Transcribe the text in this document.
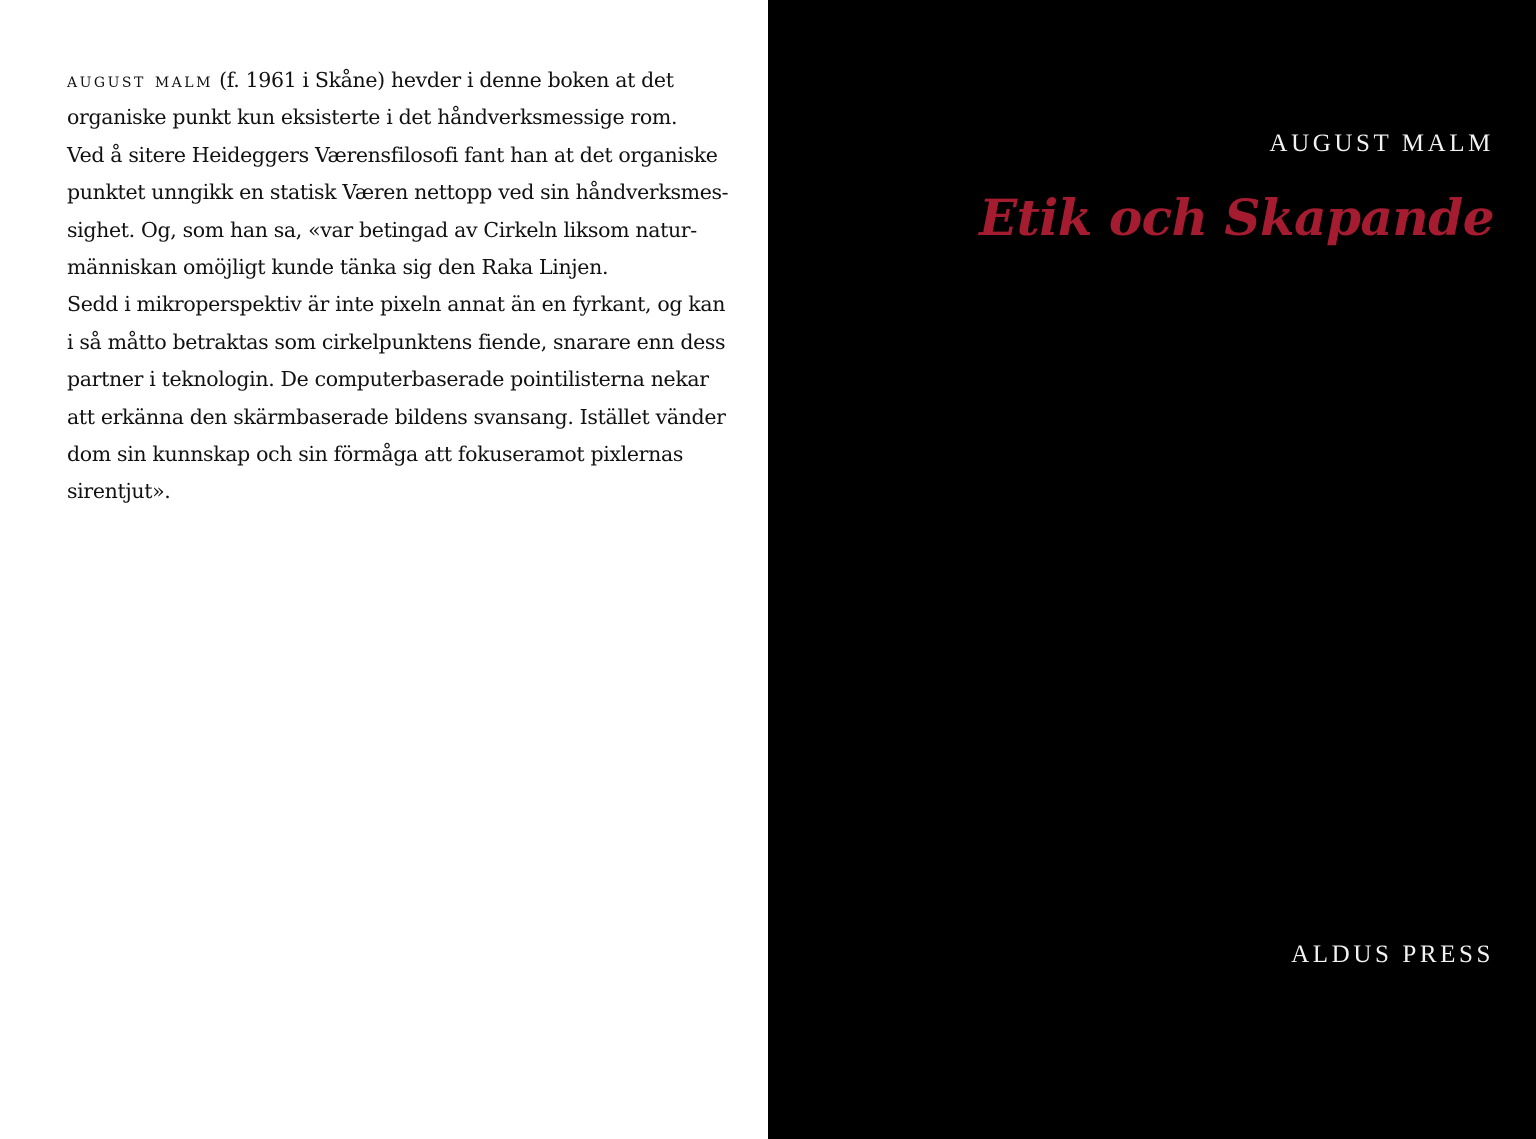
august malm (f. 1961 i Skåne) hevder i denne boken at det
organiske punkt kun eksisterte i det håndverksmessige rom.
Ved å sitere Heideggers Værensfilosofi fant han at det organiske
punktet unngikk en statisk Væren nettopp ved sin håndverksmes-
sighet. Og, som han sa, «var betingad av Cirkeln liksom natur-
människan omöjligt kunde tänka sig den Raka Linjen.
Sedd i mikroperspektiv är inte pixeln annat än en fyrkant, og kan
i så måtto betraktas som cirkelpunktens fiende, snarare enn dess
partner i teknologin. De computerbaserade pointilisterna nekar
att erkänna den skärmbaserade bildens svansang. Istället vänder
dom sin kunnskap och sin förmåga att fokuseramot pixlernas
sirentjut».
AUGUST MALM
Etik och Skapande
ALDUS PRESS
